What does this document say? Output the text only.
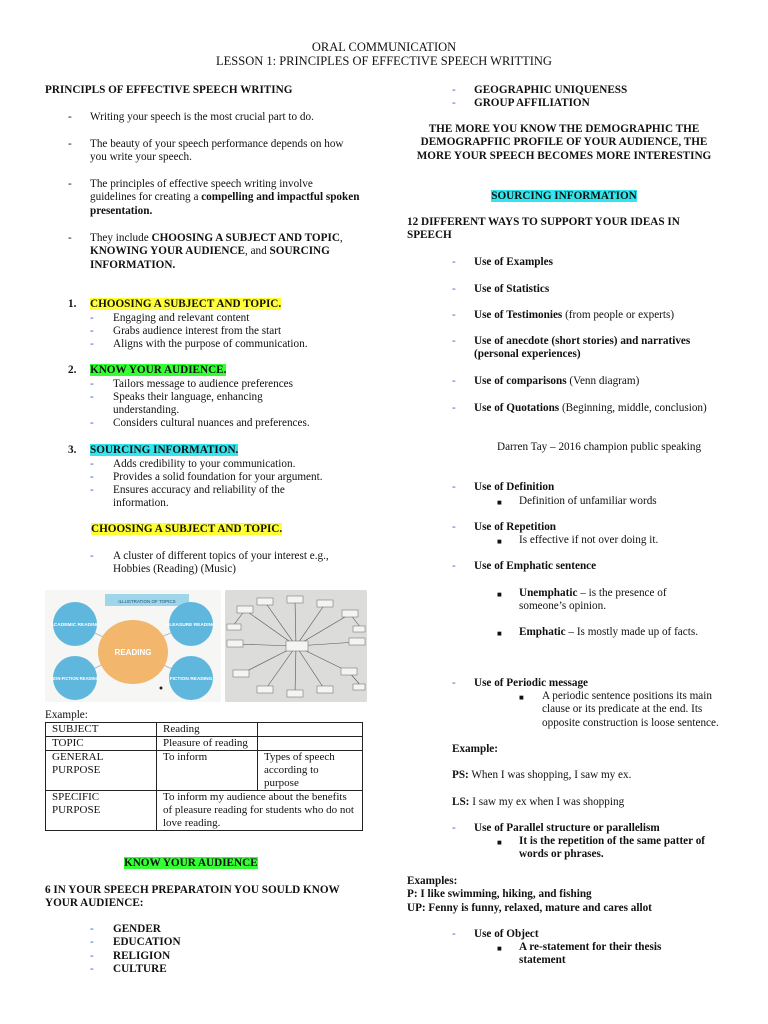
ORAL COMMUNICATION
LESSON 1: PRINCIPLES OF EFFECTIVE SPEECH WRITTING
PRINCIPLS OF EFFECTIVE SPEECH WRITING
- Writing your speech is the most crucial part to do.
- The beauty of your speech performance depends on how you write your speech.
- The principles of effective speech writing involve guidelines for creating a compelling and impactful spoken presentation.
- They include CHOOSING A SUBJECT AND TOPIC, KNOWING YOUR AUDIENCE, and SOURCING INFORMATION.
1. CHOOSING A SUBJECT AND TOPIC.
- Engaging and relevant content
- Grabs audience interest from the start
- Aligns with the purpose of communication.
2. KNOW YOUR AUDIENCE.
- Tailors message to audience preferences
- Speaks their language, enhancing understanding.
- Considers cultural nuances and preferences.
3. SOURCING INFORMATION.
- Adds credibility to your communication.
- Provides a solid foundation for your argument.
- Ensures accuracy and reliability of the information.
CHOOSING A SUBJECT AND TOPIC.
- A cluster of different topics of your interest e.g., Hobbies (Reading) (Music)
ILLUSTRATION OF TOPICS
READING
ACADEMIC READING	PLEASURE READING
NON-FICTION READING	FICTION READING
Example:
SUBJECT	Reading	
TOPIC	Pleasure of reading	
GENERAL PURPOSE	To inform	Types of speech according to purpose
SPECIFIC PURPOSE	To inform my audience about the benefits of pleasure reading for students who do not love reading.	
KNOW YOUR AUDIENCE
6 IN YOUR SPEECH PREPARATOIN YOU SOULD KNOW YOUR AUDIENCE:
- GENDER
- EDUCATION
- RELIGION
- CULTURE
- GEOGRAPHIC UNIQUENESS
- GROUP AFFILIATION
THE MORE YOU KNOW THE DEMOGRAPHIC THE DEMOGRAPFIIC PROFILE OF YOUR AUDIENCE, THE MORE YOUR SPEECH BECOMES MORE INTERESTING
SOURCING INFORMATION
12 DIFFERENT WAYS TO SUPPORT YOUR IDEAS IN SPEECH
- Use of Examples
- Use of Statistics
- Use of Testimonies (from people or experts)
- Use of anecdote (short stories) and narratives (personal experiences)
- Use of comparisons (Venn diagram)
- Use of Quotations (Beginning, middle, conclusion)
Darren Tay – 2016 champion public speaking
- Use of Definition
■ Definition of unfamiliar words
- Use of Repetition
■ Is effective if not over doing it.
- Use of Emphatic sentence
■ Unemphatic – is the presence of someone’s opinion.
■ Emphatic – Is mostly made up of facts.
- Use of Periodic message
■ A periodic sentence positions its main clause or its predicate at the end. Its opposite construction is loose sentence.
Example:
PS: When I was shopping, I saw my ex.
LS: I saw my ex when I was shopping
- Use of Parallel structure or parallelism
■ It is the repetition of the same patter of words or phrases.
Examples:
P: I like swimming, hiking, and fishing
UP: Fenny is funny, relaxed, mature and cares allot
- Use of Object
■ A re-statement for their thesis statement
